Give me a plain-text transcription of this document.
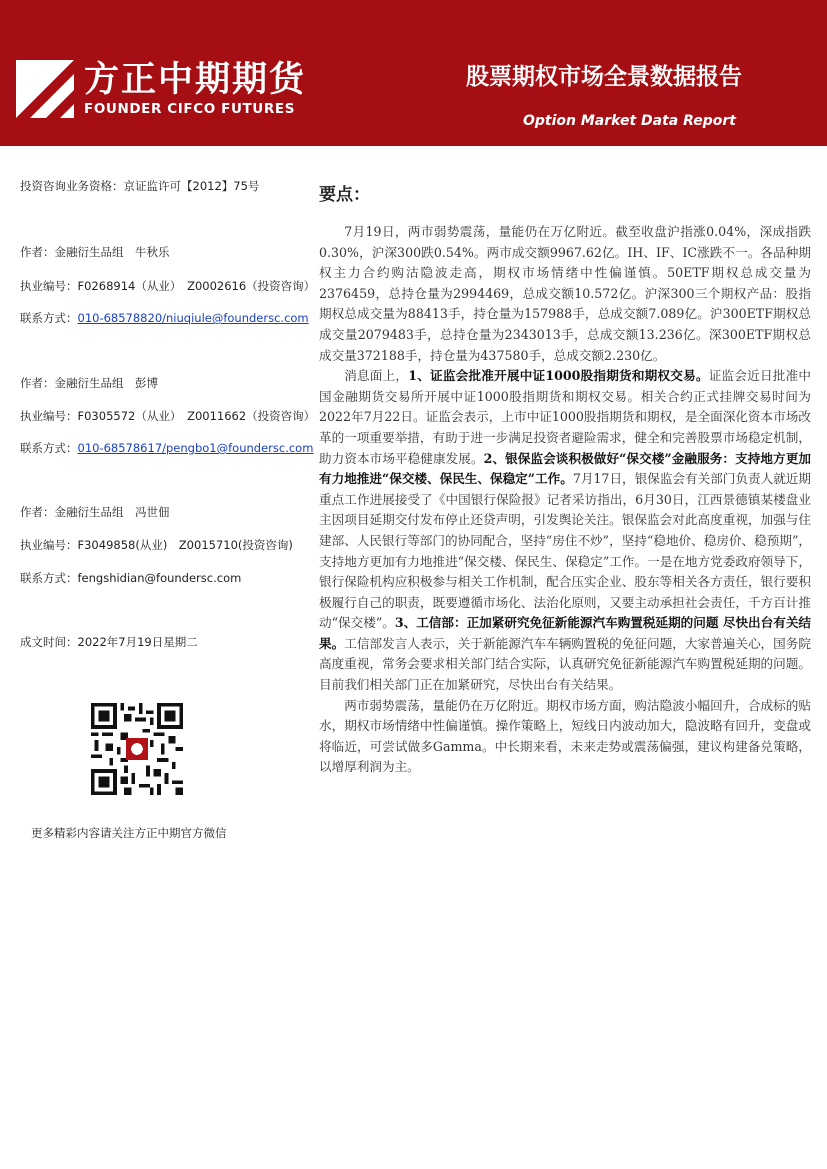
方正中期期货
FOUNDER CIFCO FUTURES
股票期权市场全景数据报告
Option Market Data Report
投资咨询业务资格：京证监许可【2012】75号
作者：金融衍生品组　牛秋乐
执业编号：F0268914（从业）　Z0002616（投资咨询）
联系方式：010-68578820/niuqiule@foundersc.com
作者：金融衍生品组　彭博
执业编号：F0305572（从业）　Z0011662（投资咨询）
联系方式：010-68578617/pengbo1@foundersc.com
作者：金融衍生品组　冯世佃
执业编号：F3049858(从业)　Z0015710(投资咨询)
联系方式：fengshidian@foundersc.com
成文时间：2022年7月19日星期二
更多精彩内容请关注方正中期官方微信
要点：

7月19日，两市弱势震荡，量能仍在万亿附近。截至收盘沪指涨0.04%，深成指跌0.30%，沪深300跌0.54%。两市成交额9967.62亿。IH、IF、IC涨跌不一。各品种期权主力合约购沽隐波走高，期权市场情绪中性偏谨慎。50ETF期权总成交量为2376459，总持仓量为2994469，总成交额10.572亿。沪深300三个期权产品：股指期权总成交量为88413手，持仓量为157988手，总成交额7.089亿。沪300ETF期权总成交量2079483手，总持仓量为2343013手，总成交额13.236亿。深300ETF期权总成交量372188手，持仓量为437580手，总成交额2.230亿。

消息面上，1、证监会批准开展中证1000股指期货和期权交易。证监会近日批准中国金融期货交易所开展中证1000股指期货和期权交易。相关合约正式挂牌交易时间为2022年7月22日。证监会表示，上市中证1000股指期货和期权，是全面深化资本市场改革的一项重要举措，有助于进一步满足投资者避险需求，健全和完善股票市场稳定机制，助力资本市场平稳健康发展。2、银保监会谈积极做好“保交楼”金融服务：支持地方更加有力地推进“保交楼、保民生、保稳定”工作。7月17日，银保监会有关部门负责人就近期重点工作进展接受了《中国银行保险报》记者采访指出，6月30日，江西景德镇某楼盘业主因项目延期交付发布停止还贷声明，引发舆论关注。银保监会对此高度重视，加强与住建部、人民银行等部门的协同配合，坚持“房住不炒”，坚持“稳地价、稳房价、稳预期”，支持地方更加有力地推进“保交楼、保民生、保稳定”工作。一是在地方党委政府领导下，银行保险机构应积极参与相关工作机制，配合压实企业、股东等相关各方责任，银行要积极履行自己的职责，既要遵循市场化、法治化原则，又要主动承担社会责任，千方百计推动“保交楼”。3、工信部：正加紧研究免征新能源汽车购置税延期的问题 尽快出台有关结果。工信部发言人表示，关于新能源汽车车辆购置税的免征问题，大家普遍关心，国务院高度重视，常务会要求相关部门结合实际，认真研究免征新能源汽车购置税延期的问题。目前我们相关部门正在加紧研究，尽快出台有关结果。

两市弱势震荡，量能仍在万亿附近。期权市场方面，购沽隐波小幅回升，合成标的贴水，期权市场情绪中性偏谨慎。操作策略上，短线日内波动加大，隐波略有回升，变盘或将临近，可尝试做多Gamma。中长期来看，未来走势或震荡偏强，建议构建备兑策略，以增厚利润为主。
